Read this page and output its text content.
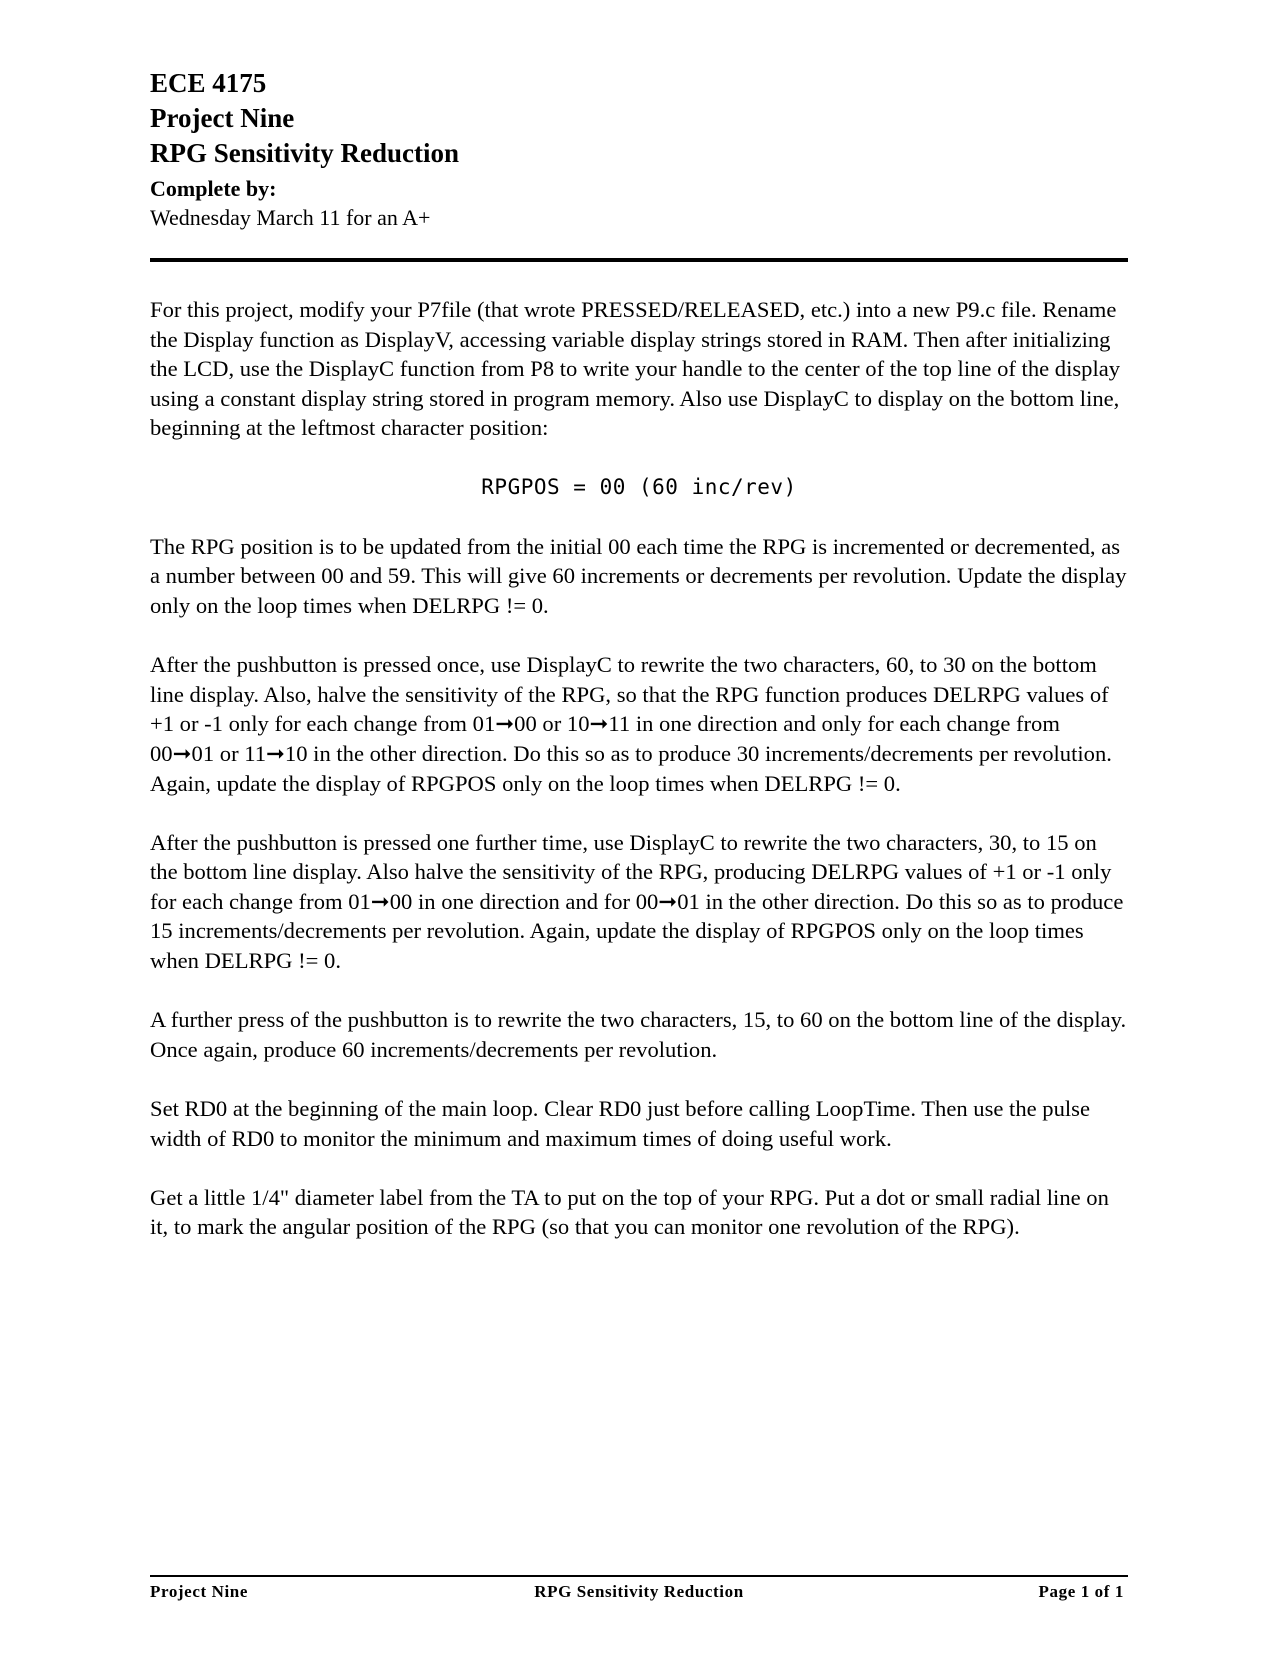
ECE 4175
Project Nine
RPG Sensitivity Reduction
Complete by:
Wednesday March 11 for an A+

For this project, modify your P7file (that wrote PRESSED/RELEASED, etc.) into a new P9.c file. Rename the Display function as DisplayV, accessing variable display strings stored in RAM. Then after initializing the LCD, use the DisplayC function from P8 to write your handle to the center of the top line of the display using a constant display string stored in program memory. Also use DisplayC to display on the bottom line, beginning at the leftmost character position:

RPGPOS = 00 (60 inc/rev)

The RPG position is to be updated from the initial 00 each time the RPG is incremented or decremented, as a number between 00 and 59. This will give 60 increments or decrements per revolution. Update the display only on the loop times when DELRPG != 0.

After the pushbutton is pressed once, use DisplayC to rewrite the two characters, 60, to 30 on the bottom line display. Also, halve the sensitivity of the RPG, so that the RPG function produces DELRPG values of +1 or -1 only for each change from 01➞00 or 10➞11 in one direction and only for each change from 00➞01 or 11➞10 in the other direction. Do this so as to produce 30 increments/decrements per revolution. Again, update the display of RPGPOS only on the loop times when DELRPG != 0.

After the pushbutton is pressed one further time, use DisplayC to rewrite the two characters, 30, to 15 on the bottom line display. Also halve the sensitivity of the RPG, producing DELRPG values of +1 or -1 only for each change from 01➞00 in one direction and for 00➞01 in the other direction. Do this so as to produce 15 increments/decrements per revolution. Again, update the display of RPGPOS only on the loop times when DELRPG != 0.

A further press of the pushbutton is to rewrite the two characters, 15, to 60 on the bottom line of the display. Once again, produce 60 increments/decrements per revolution.

Set RD0 at the beginning of the main loop. Clear RD0 just before calling LoopTime. Then use the pulse width of RD0 to monitor the minimum and maximum times of doing useful work.

Get a little 1/4" diameter label from the TA to put on the top of your RPG. Put a dot or small radial line on it, to mark the angular position of the RPG (so that you can monitor one revolution of the RPG).

Project Nine	RPG Sensitivity Reduction	Page 1 of 1
